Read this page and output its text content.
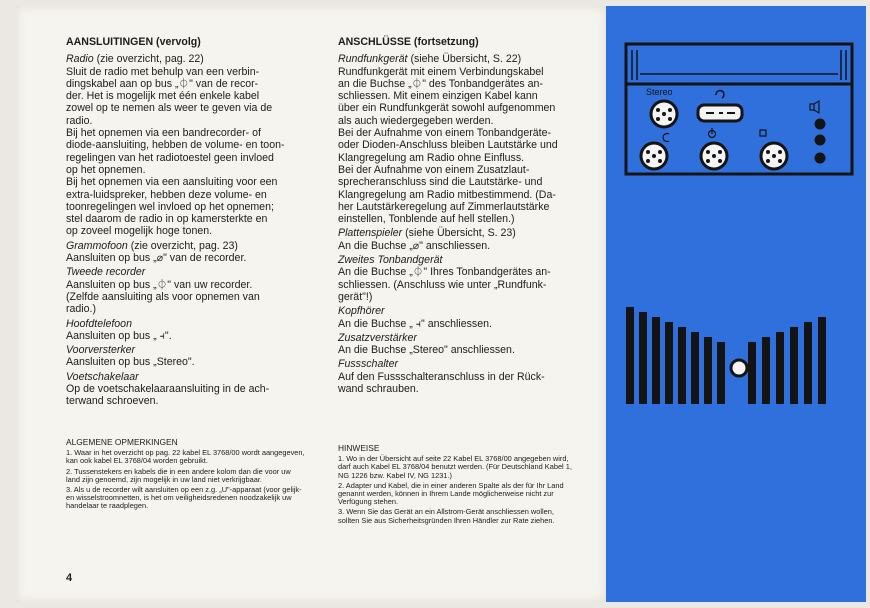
AANSLUITINGEN (vervolg)
Radio (zie overzicht, pag. 22)
Sluit de radio met behulp van een verbin-
dingskabel aan op bus „⏀" van de recor-
der. Het is mogelijk met één enkele kabel
zowel op te nemen als weer te geven via de
radio.
Bij het opnemen via een bandrecorder- of
diode-aansluiting, hebben de volume- en toon-
regelingen van het radiotoestel geen invloed
op het opnemen.
Bij het opnemen via een aansluiting voor een
extra-luidspreker, hebben deze volume- en
toonregelingen wel invloed op het opnemen;
stel daarom de radio in op kamersterkte en
op zoveel mogelijk hoge tonen.
Grammofoon (zie overzicht, pag. 23)
Aansluiten op bus „⌀" van de recorder.
Tweede recorder
Aansluiten op bus „⏀" van uw recorder.
(Zelfde aansluiting als voor opnemen van
radio.)
Hoofdtelefoon
Aansluiten op bus „ ⫞".
Voorversterker
Aansluiten op bus „Stereo".
Voetschakelaar
Op de voetschakelaaraansluiting in de ach-
terwand schroeven.
ANSCHLÜSSE (fortsetzung)
Rundfunkgerät (siehe Übersicht, S. 22)
Rundfunkgerät mit einem Verbindungskabel
an die Buchse „⏀" des Tonbandgerätes an-
schliessen. Mit einem einzigen Kabel kann
über ein Rundfunkgerät sowohl aufgenommen
als auch wiedergegeben werden.
Bei der Aufnahme von einem Tonbandgeräte-
oder Dioden-Anschluss bleiben Lautstärke und
Klangregelung am Radio ohne Einfluss.
Bei der Aufnahme von einem Zusatzlaut-
sprecheranschluss sind die Lautstärke- und
Klangregelung am Radio mitbestimmend. (Da-
her Lautstärkeregelung auf Zimmerlautstärke
einstellen, Tonblende auf hell stellen.)
Plattenspieler (siehe Übersicht, S. 23)
An die Buchse „⌀" anschliessen.
Zweites Tonbandgerät
An die Buchse „⏀" Ihres Tonbandgerätes an-
schliessen. (Anschluss wie unter „Rundfunk-
gerät"!)
Kopfhörer
An die Buchse „ ⫞" anschliessen.
Zusatzverstärker
An die Buchse „Stereo" anschliessen.
Fussschalter
Auf den Fussschalteranschluss in der Rück-
wand schrauben.
ALGEMENE OPMERKINGEN

1. Waar in het overzicht op pag. 22 kabel EL 3768/00 wordt aangegeven, kan ook kabel EL 3768/04 worden gebruikt.

2. Tussenstekers en kabels die in een andere kolom dan die voor uw land zijn genoemd, zijn mogelijk in uw land niet verkrijgbaar.

3. Als u de recorder wilt aansluiten op een z.g. „U"-apparaat (voor gelijk- en wisselstroomnetten, is het om veiligheidsredenen noodzakelijk uw handelaar te raadplegen.

HINWEISE

1. Wo in der Übersicht auf seite 22 Kabel EL 3768/00 angegeben wird, darf auch Kabel EL 3768/04 benutzt werden. (Für Deutschland Kabel 1, NG 1226 bzw. Kabel IV, NG 1231.)

2. Adapter und Kabel, die in einer anderen Spalte als der für Ihr Land genannt werden, können in Ihrem Lande möglicherweise nicht zur Verfügung stehen.

3. Wenn Sie das Gerät an ein Allstrom-Gerät anschliessen wollen, sollten Sie aus Sicherheitsgründen Ihren Händler zur Rate ziehen.

4
Stereo
